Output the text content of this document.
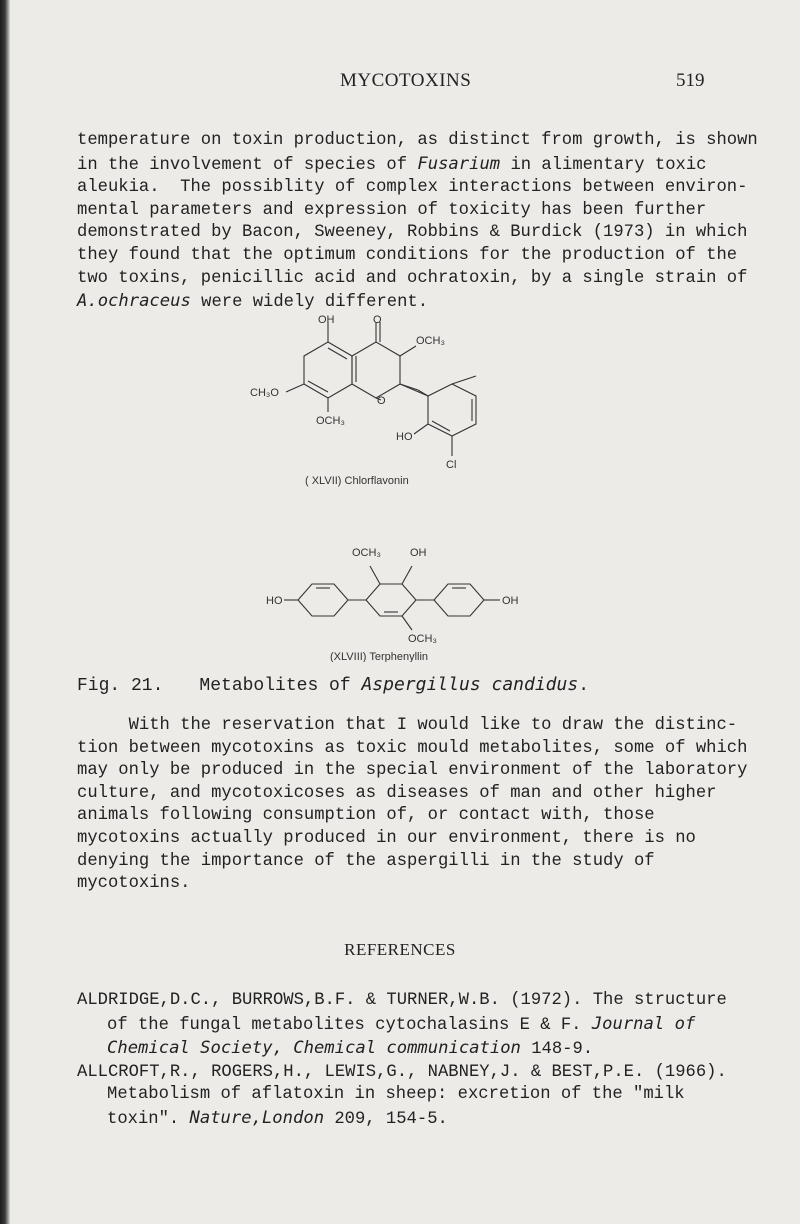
MYCOTOXINS	519
temperature on toxin production, as distinct from growth, is shown
in the involvement of species of Fusarium in alimentary toxic
aleukia.  The possiblity of complex interactions between environ-
mental parameters and expression of toxicity has been further
demonstrated by Bacon, Sweeney, Robbins & Burdick (1973) in which
they found that the optimum conditions for the production of the
two toxins, penicillic acid and ochratoxin, by a single strain of
A.ochraceus were widely different.
OH	O
OCH₃
CH₃O
O
OCH₃
HO
Cl
( XLVII) Chlorflavonin
OCH₃	OH
HO	OH
OCH₃
(XLVIII) Terphenyllin
Fig. 21. Metabolites of Aspergillus candidus.
With the reservation that I would like to draw the distinc-
tion between mycotoxins as toxic mould metabolites, some of which
may only be produced in the special environment of the laboratory
culture, and mycotoxicoses as diseases of man and other higher
animals following consumption of, or contact with, those
mycotoxins actually produced in our environment, there is no
denying the importance of the aspergilli in the study of
mycotoxins.
REFERENCES
ALDRIDGE,D.C., BURROWS,B.F. & TURNER,W.B. (1972). The structure
of the fungal metabolites cytochalasins E & F. Journal of
Chemical Society, Chemical communication 148-9.
ALLCROFT,R., ROGERS,H., LEWIS,G., NABNEY,J. & BEST,P.E. (1966).
Metabolism of aflatoxin in sheep: excretion of the "milk
toxin". Nature,London 209, 154-5.
